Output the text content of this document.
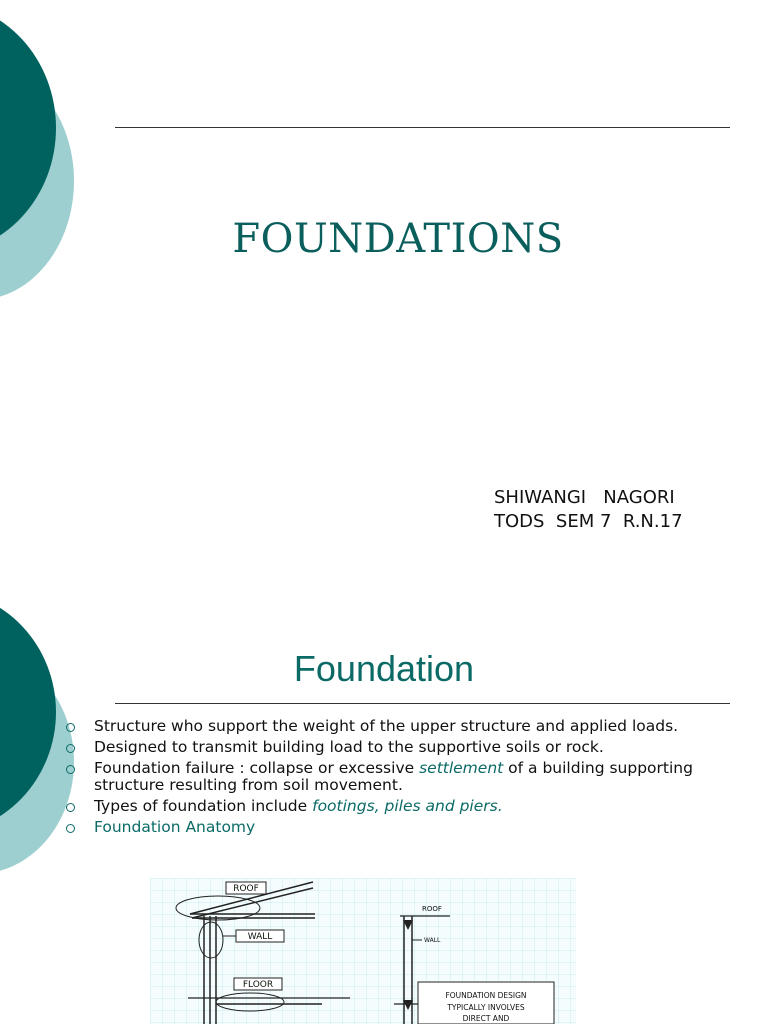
FOUNDATIONS
SHIWANGI   NAGORI
TODS  SEM 7  R.N.17
Foundation
Structure who support the weight of the upper structure and applied loads.
Designed to transmit building load to the supportive soils or rock.
Foundation failure : collapse or excessive settlement of a building supporting structure resulting from soil movement.
Types of foundation include footings, piles and piers.
Foundation Anatomy
ROOF
WALL
FLOOR
ROOF
WALL
FOUNDATION DESIGN
TYPICALLY INVOLVES
DIRECT AND
